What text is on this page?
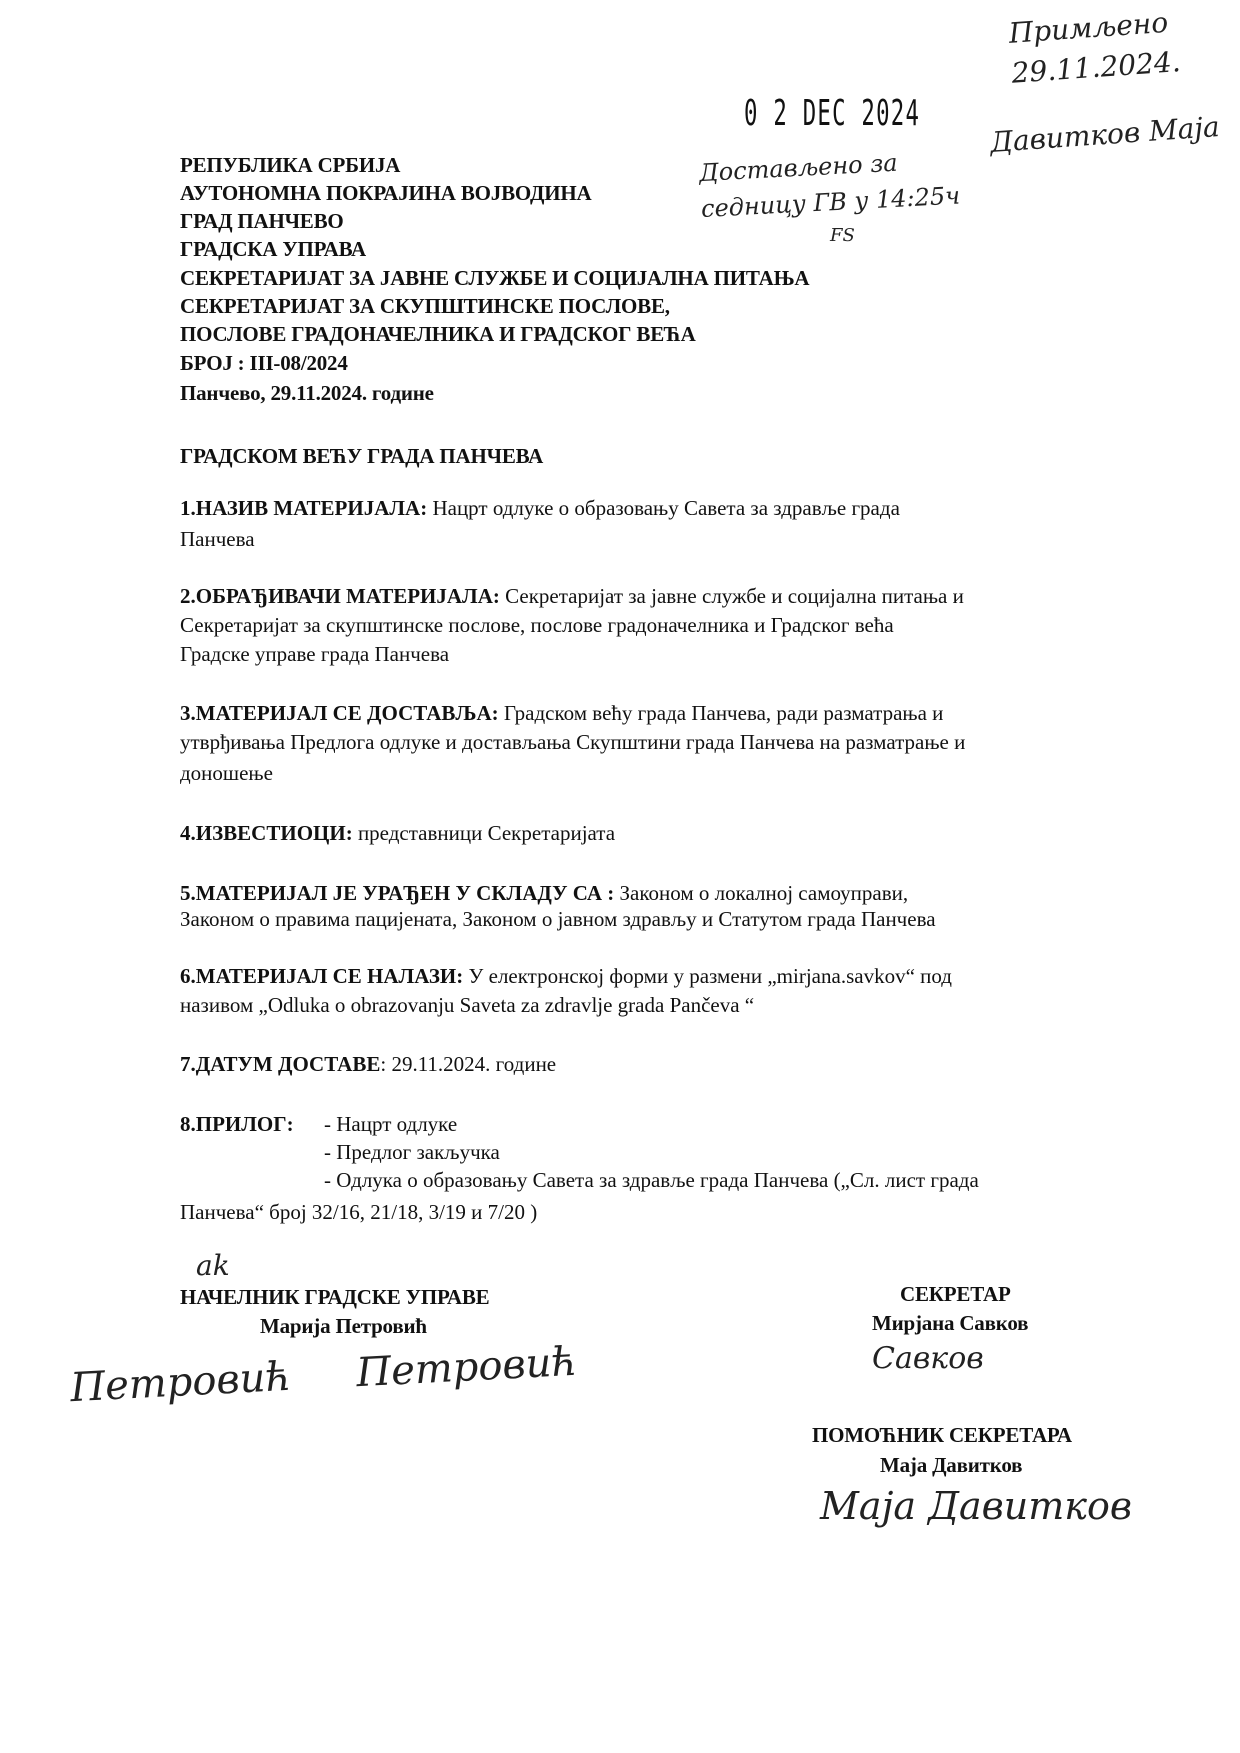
0 2 DEC 2024
Примљено 29.11.2024.
Давитков Маја
Достављено за седницу ГВ у 14:25ч
FS
РЕПУБЛИКА СРБИЈА
АУТОНОМНА ПОКРАЈИНА ВОЈВОДИНА
ГРАД ПАНЧЕВО
ГРАДСКА УПРАВА
СЕКРЕТАРИЈАТ ЗА ЈАВНЕ СЛУЖБЕ И СОЦИЈАЛНА ПИТАЊА
СЕКРЕТАРИЈАТ ЗА СКУПШТИНСКЕ ПОСЛОВЕ,
ПОСЛОВЕ ГРАДОНАЧЕЛНИКА И ГРАДСКОГ ВЕЋА
БРОЈ : III-08/2024
Панчево, 29.11.2024. године
ГРАДСКОМ ВЕЋУ ГРАДА ПАНЧЕВА
1.НАЗИВ МАТЕРИЈАЛА: Нацрт одлуке о образовању Савета за здравље града
Панчева
2.ОБРАЂИВАЧИ МАТЕРИЈАЛА: Секретаријат за јавне службе и социјална питања и
Секретаријат за скупштинске послове, послове градоначелника и Градског већа
Градске управе града Панчева
3.МАТЕРИЈАЛ СЕ ДОСТАВЉА: Градском већу града Панчева, ради разматрања и
утврђивања Предлога одлуке и достављања Скупштини града Панчева на разматрање и
доношење
4.ИЗВЕСТИОЦИ: представници Секретаријата
5.МАТЕРИЈАЛ ЈЕ УРАЂЕН У СКЛАДУ СА : Законом о локалној самоуправи,
Законом о правима пацијената, Законом о јавном здрављу и Статутом града Панчева
6.МАТЕРИЈАЛ СЕ НАЛАЗИ: У електронској форми у размени „mirjana.savkov“ под
називом „Odluka o obrazovanju Saveta za zdravlje grada Pančeva “
7.ДАТУМ ДОСТАВЕ: 29.11.2024. године
8.ПРИЛОГ: - Нацрт одлуке
- Предлог закључка
- Одлука о образовању Савета за здравље града Панчева („Сл. лист града
Панчева“ број 32/16, 21/18, 3/19 и 7/20 )
ak
НАЧЕЛНИК ГРАДСКЕ УПРАВЕ
Марија Петровић
Петровић Петровић
СЕКРЕТАР
Мирјана Савков
Савков
ПОМОЋНИК СЕКРЕТАРА
Маја Давитков
Маја Давитков
